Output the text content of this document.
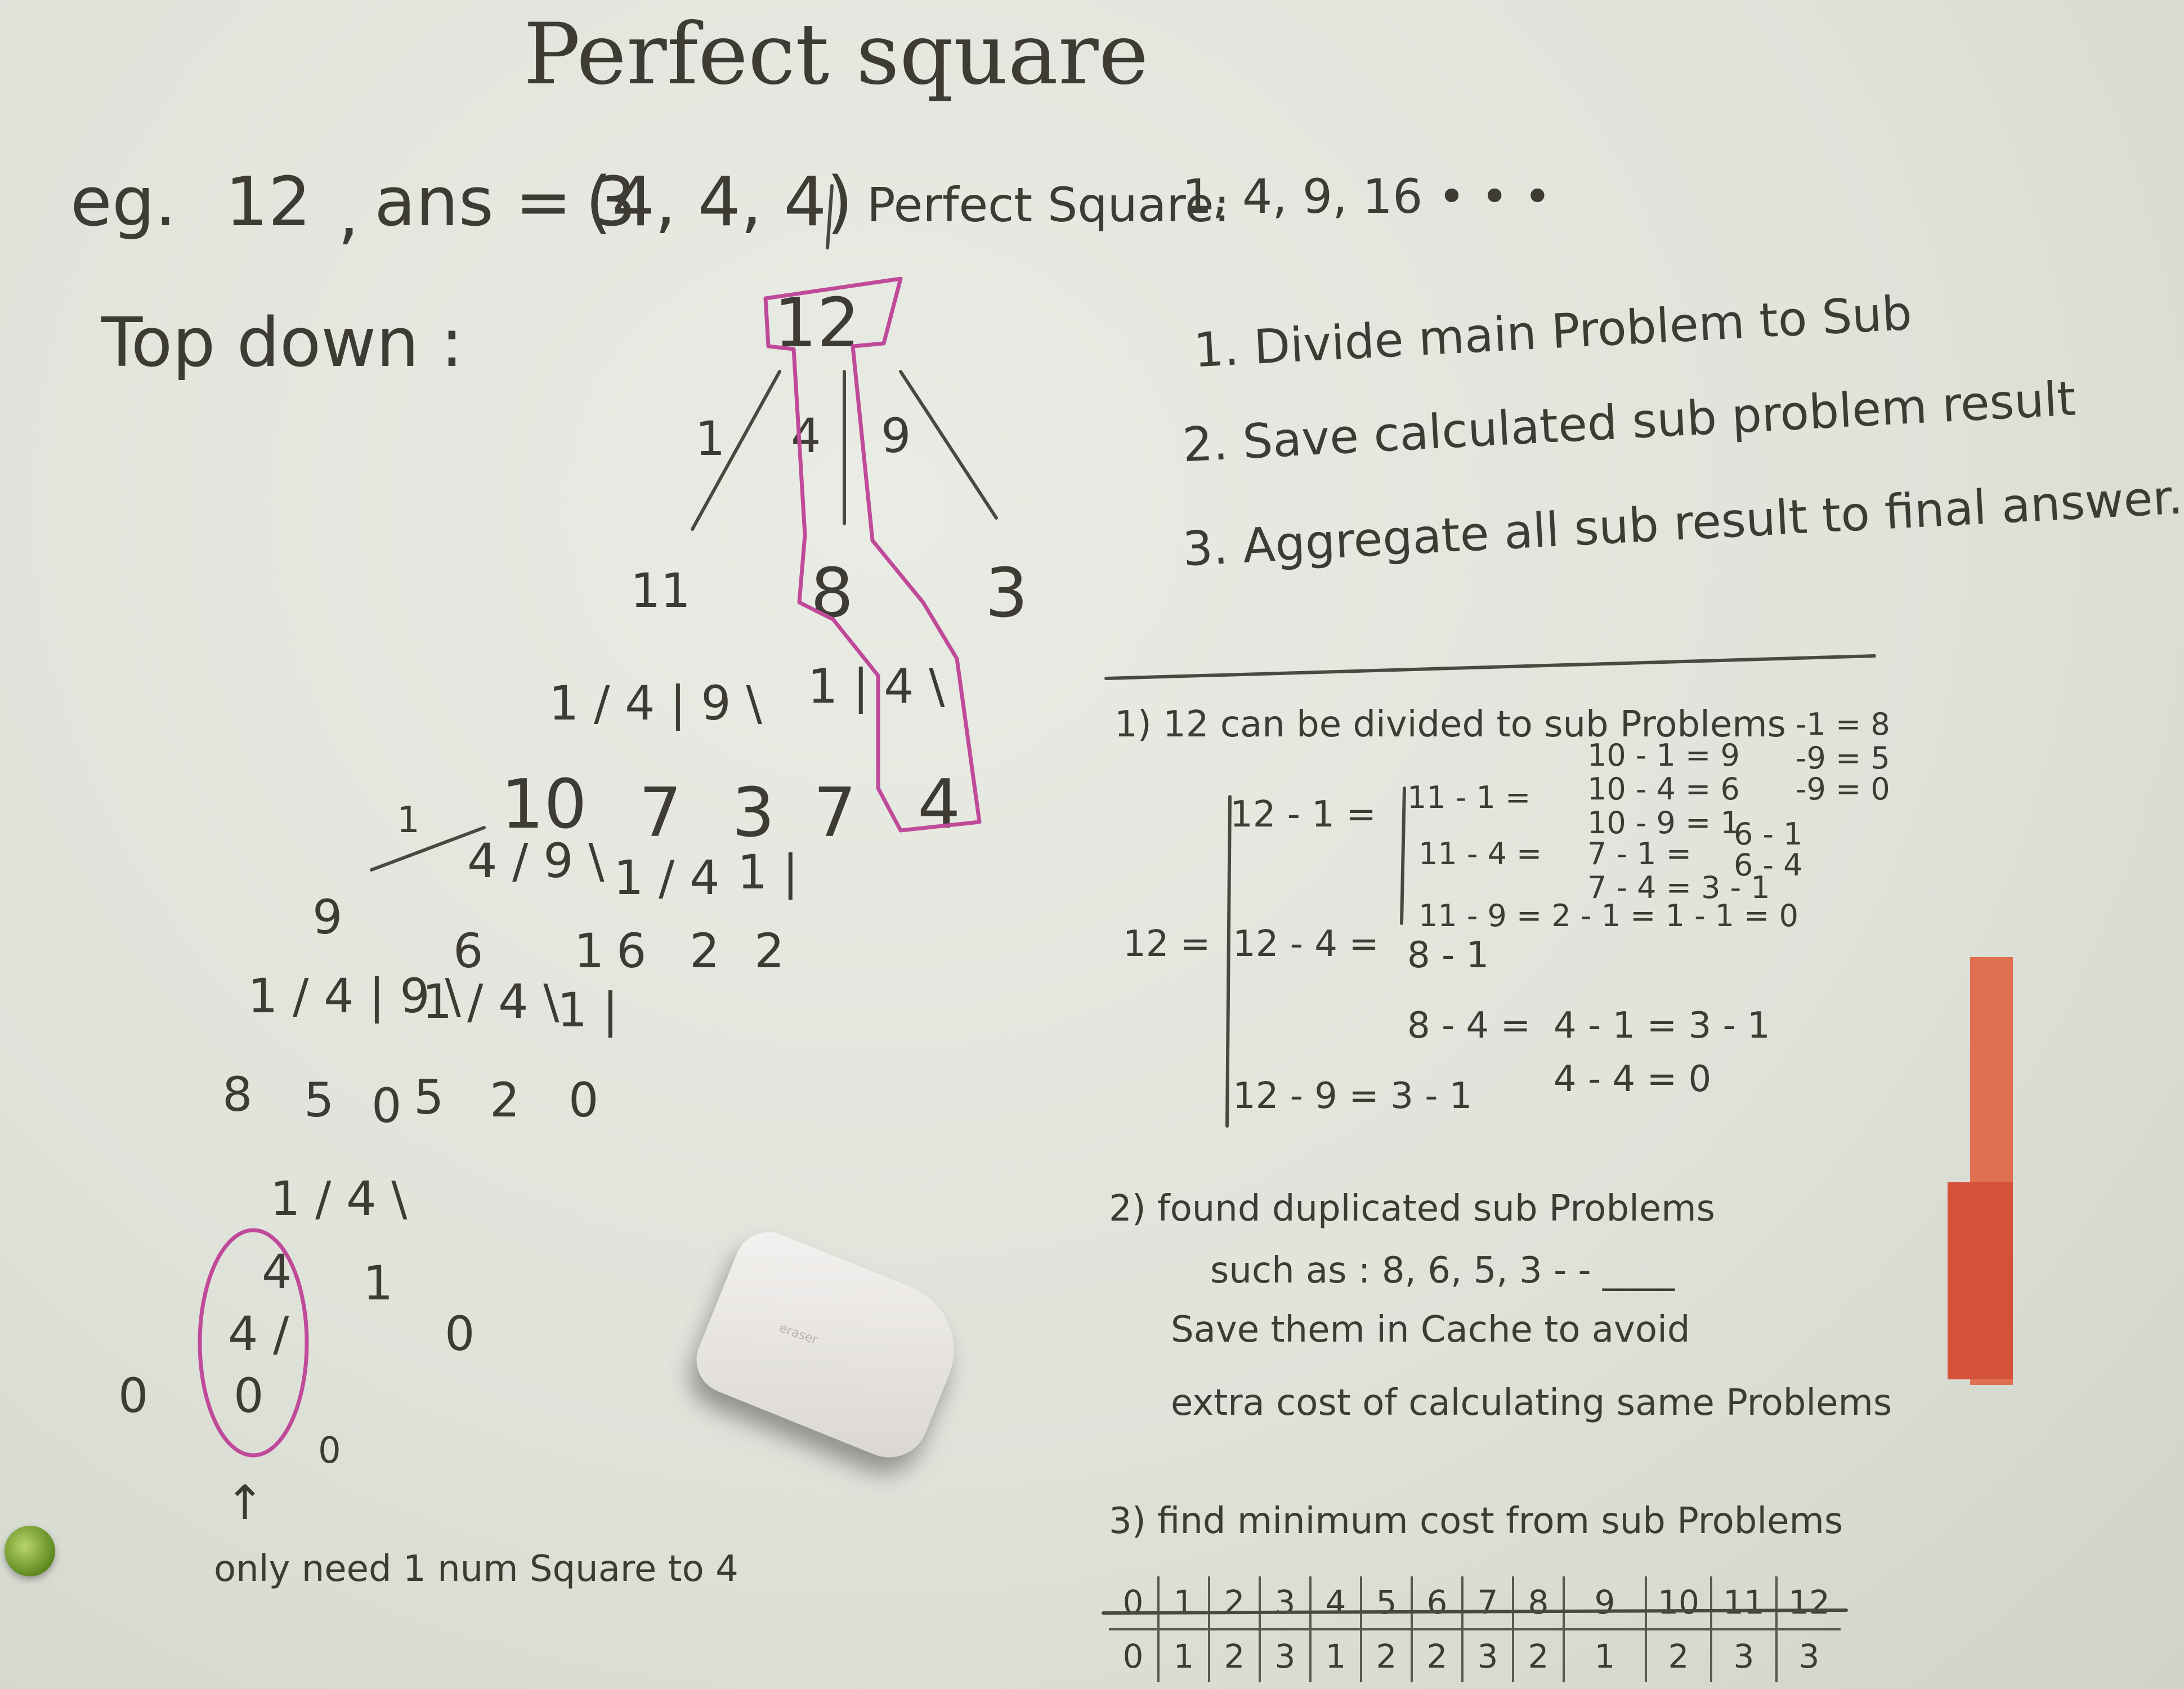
Perfect square
eg. 12 , ans = 3
(4, 4, 4) Perfect Square:
1, 4, 9, 16 • • •
Top down :	1. Divide main Problem to Sub
2. Save calculated sub problem result
3. Aggregate all sub result to final answer.
12
1 4 9
11 8 3
1 / 4 | 9 \ 1 | 4 \
10 7 3 7 4
1
4 / 9 \ 1 / 4 1 |
9
6 1 6 2 2
1 / 4 | 9 \
1 / 4 \
1 |
8 5 0 5 2 0
1 / 4 \
4
4 /
0
1
0
0
0
↑
only need 1 num Square to 4
1) 12 can be divided to sub Problems -1 = 8
-9 = 5
-9 = 0
12 =
12 - 1 = 11 - 1 =
11 - 4 =
11 - 9 = 2 - 1 = 1 - 1 = 0
10 - 1 = 9
10 - 4 = 6
10 - 9 = 1
7 - 1 =
7 - 4 = 3 - 1
6 - 1
6 - 4
12 - 4 = 8 - 1
8 - 4 = 4 - 1 = 3 - 1
4 - 4 = 0
12 - 9 = 3 - 1
2) found duplicated sub Problems
such as : 8, 6, 5, 3 - - ____
Save them in Cache to avoid
extra cost of calculating same Problems
3) find minimum cost from sub Problems
0	1	2	3	4	5	6	7	8	9	10	11	12
0	1	2	3	1	2	2	3	2	1	2	3	3
eraser
